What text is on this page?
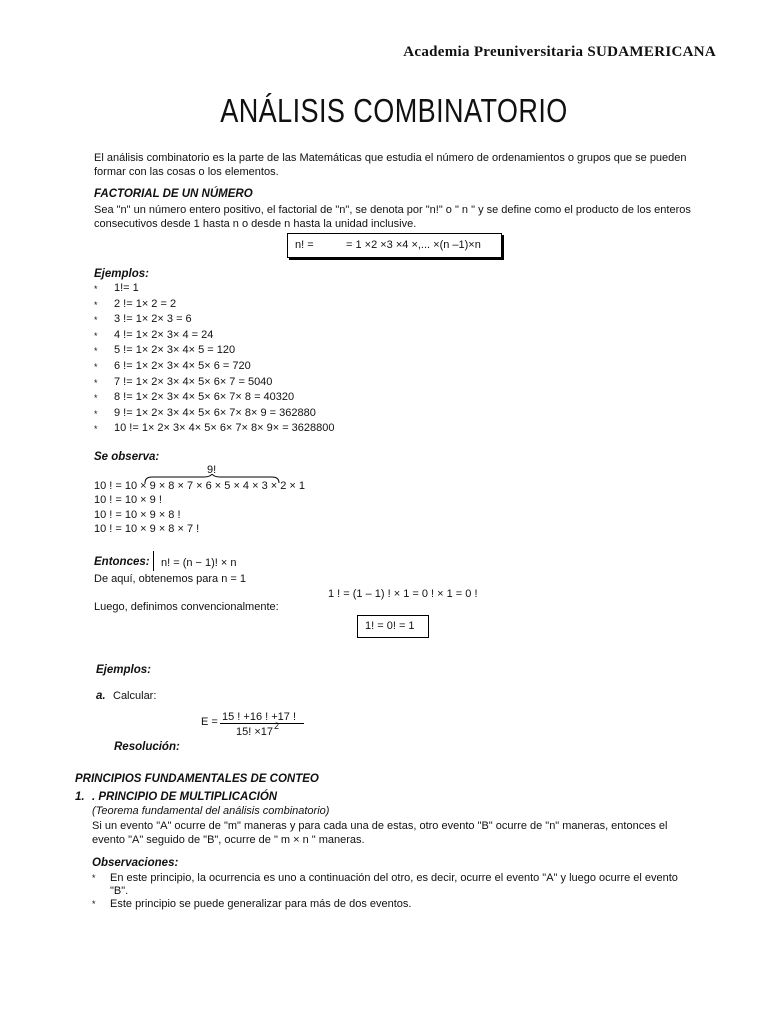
Academia Preuniversitaria SUDAMERICANA
ANÁLISIS COMBINATORIO
El análisis combinatorio es la parte de las Matemáticas que estudia el número de ordenamientos o grupos que se pueden
formar con las cosas o los elementos.
FACTORIAL DE UN NÚMERO
Sea "n" un número entero positivo, el factorial de "n", se denota por "n!" o " n " y se define como el producto de los enteros
consecutivos desde 1 hasta n o desde n hasta la unidad inclusive.
n! =	= 1 ×2 ×3 ×4 ×,... ×(n –1)×n
Ejemplos:
* 1!= 1
* 2 != 1× 2 = 2
* 3 != 1× 2× 3 = 6
* 4 != 1× 2× 3× 4 = 24
* 5 != 1× 2× 3× 4× 5 = 120
* 6 != 1× 2× 3× 4× 5× 6 = 720
* 7 != 1× 2× 3× 4× 5× 6× 7 = 5040
* 8 != 1× 2× 3× 4× 5× 6× 7× 8 = 40320
* 9 != 1× 2× 3× 4× 5× 6× 7× 8× 9 = 362880
* 10 != 1× 2× 3× 4× 5× 6× 7× 8× 9× = 3628800
Se observa:
9!
10 ! = 10 × 9 × 8 × 7 × 6 × 5 × 4 × 3 × 2 × 1
10 ! = 10 × 9 !
10 ! = 10 × 9 × 8 !
10 ! = 10 × 9 × 8 × 7 !
Entonces: n! = (n − 1)! × n
De aquí, obtenemos para n = 1
1 ! = (1 – 1) ! × 1 = 0 ! × 1 = 0 !
Luego, definimos convencionalmente:
1! = 0! = 1
Ejemplos:
a. Calcular:
E = 15 ! +16 ! +17 !
15! ×17 2
Resolución:
PRINCIPIOS FUNDAMENTALES DE CONTEO
1. . PRINCIPIO DE MULTIPLICACIÓN
(Teorema fundamental del análisis combinatorio)
Si un evento "A" ocurre de "m" maneras y para cada una de estas, otro evento "B" ocurre de "n" maneras, entonces el
evento "A" seguido de "B", ocurre de " m × n " maneras.
Observaciones:
* En este principio, la ocurrencia es uno a continuación del otro, es decir, ocurre el evento "A" y luego ocurre el evento
"B".
* Este principio se puede generalizar para más de dos eventos.
